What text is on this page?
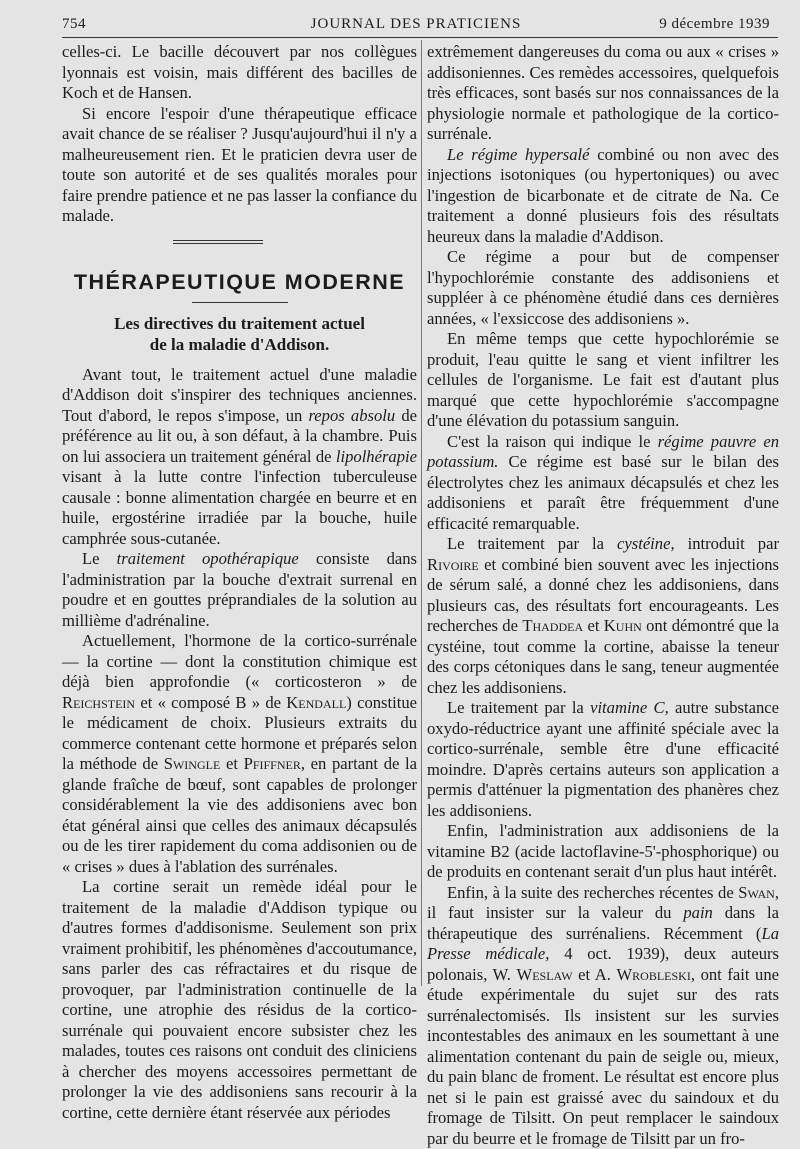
754	JOURNAL DES PRATICIENS	9 décembre 1939

celles-ci. Le bacille découvert par nos collègues lyonnais est voisin, mais différent des bacilles de Koch et de Hansen.

Si encore l'espoir d'une thérapeutique efficace avait chance de se réaliser ? Jusqu'aujourd'hui il n'y a malheureusement rien. Et le praticien devra user de toute son autorité et de ses qualités morales pour faire prendre patience et ne pas lasser la confiance du malade.

THÉRAPEUTIQUE MODERNE
Les directives du traitement actuel
de la maladie d'Addison.

Avant tout, le traitement actuel d'une maladie d'Addison doit s'inspirer des techniques anciennes. Tout d'abord, le repos s'impose, un repos absolu de préférence au lit ou, à son défaut, à la chambre. Puis on lui associera un traitement général de lipolhérapie visant à la lutte contre l'infection tuberculeuse causale : bonne alimentation chargée en beurre et en huile, ergostérine irradiée par la bouche, huile camphrée sous-cutanée.

Le traitement opothérapique consiste dans l'administration par la bouche d'extrait surrenal en poudre et en gouttes préprandiales de la solution au millième d'adrénaline.

Actuellement, l'hormone de la cortico-surrénale — la cortine — dont la constitution chimique est déjà bien approfondie (« corticosteron » de Reichstein et « composé B » de Kendall) constitue le médicament de choix. Plusieurs extraits du commerce contenant cette hormone et préparés selon la méthode de Swingle et Pfiffner, en partant de la glande fraîche de bœuf, sont capables de prolonger considérablement la vie des addisoniens avec bon état général ainsi que celles des animaux décapsulés ou de les tirer rapidement du coma addisonien ou de « crises » dues à l'ablation des surrénales.

La cortine serait un remède idéal pour le traitement de la maladie d'Addison typique ou d'autres formes d'addisonisme. Seulement son prix vraiment prohibitif, les phénomènes d'accoutumance, sans parler des cas réfractaires et du risque de provoquer, par l'administration continuelle de la cortine, une atrophie des résidus de la cortico-surrénale qui pouvaient encore subsister chez les malades, toutes ces raisons ont conduit des cliniciens à chercher des moyens accessoires permettant de prolonger la vie des addisoniens sans recourir à la cortine, cette dernière étant réservée aux périodes

extrêmement dangereuses du coma ou aux « crises » addisoniennes. Ces remèdes accessoires, quelquefois très efficaces, sont basés sur nos connaissances de la physiologie normale et pathologique de la cortico-surrénale.

Le régime hypersalé combiné ou non avec des injections isotoniques (ou hypertoniques) ou avec l'ingestion de bicarbonate et de citrate de Na. Ce traitement a donné plusieurs fois des résultats heureux dans la maladie d'Addison.

Ce régime a pour but de compenser l'hypochlorémie constante des addisoniens et suppléer à ce phénomène étudié dans ces dernières années, « l'exsiccose des addisoniens ».

En même temps que cette hypochlorémie se produit, l'eau quitte le sang et vient infiltrer les cellules de l'organisme. Le fait est d'autant plus marqué que cette hypochlorémie s'accompagne d'une élévation du potassium sanguin.

C'est la raison qui indique le régime pauvre en potassium. Ce régime est basé sur le bilan des électrolytes chez les animaux décapsulés et chez les addisoniens et paraît être fréquemment d'une efficacité remarquable.

Le traitement par la cystéine, introduit par Rivoire et combiné bien souvent avec les injections de sérum salé, a donné chez les addisoniens, dans plusieurs cas, des résultats fort encourageants. Les recherches de Thaddea et Kuhn ont démontré que la cystéine, tout comme la cortine, abaisse la teneur des corps cétoniques dans le sang, teneur augmentée chez les addisoniens.

Le traitement par la vitamine C, autre substance oxydo-réductrice ayant une affinité spéciale avec la cortico-surrénale, semble être d'une efficacité moindre. D'après certains auteurs son application a permis d'atténuer la pigmentation des phanères chez les addisoniens.

Enfin, l'administration aux addisoniens de la vitamine B2 (acide lactoflavine-5'-phosphorique) ou de produits en contenant serait d'un plus haut intérêt.

Enfin, à la suite des recherches récentes de Swan, il faut insister sur la valeur du pain dans la thérapeutique des surrénaliens. Récemment (La Presse médicale, 4 oct. 1939), deux auteurs polonais, W. Weslaw et A. Wrobleski, ont fait une étude expérimentale du sujet sur des rats surrénalectomisés. Ils insistent sur les survies incontestables des animaux en les soumettant à une alimentation contenant du pain de seigle ou, mieux, du pain blanc de froment. Le résultat est encore plus net si le pain est graissé avec du saindoux et du fromage de Tilsitt. On peut remplacer le saindoux par du beurre et le fromage de Tilsitt par un fro-
